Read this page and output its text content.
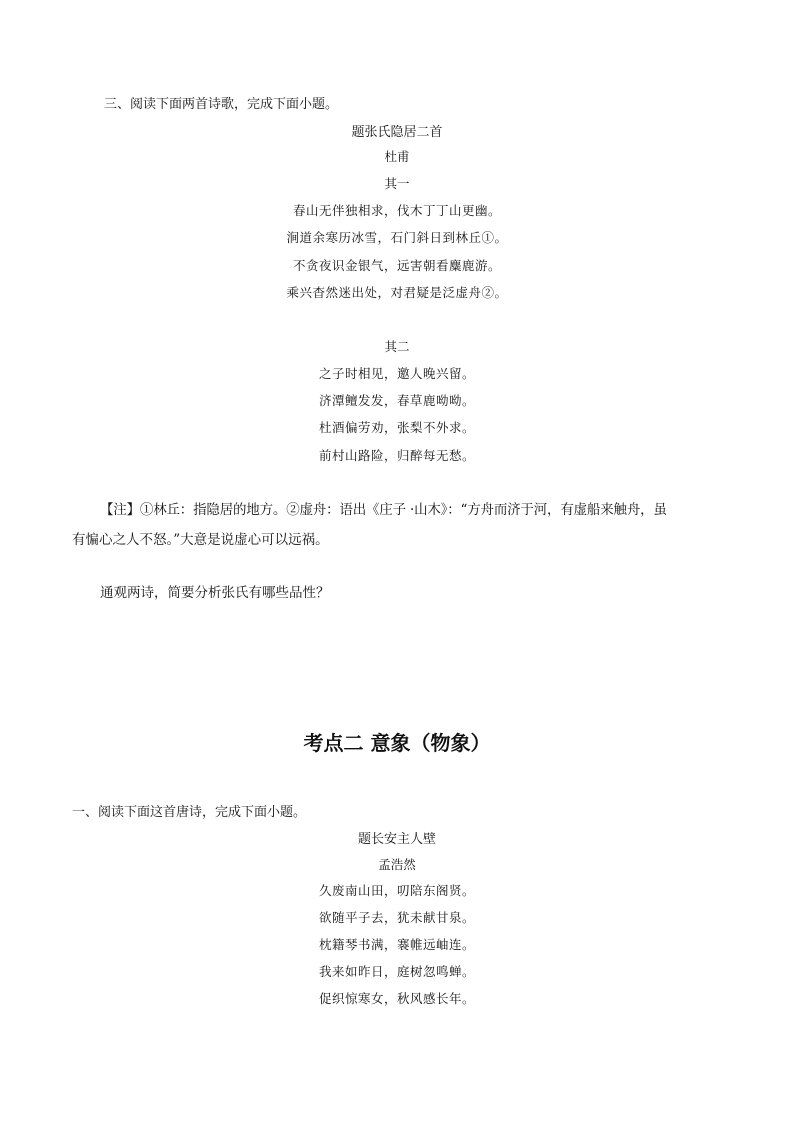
三、阅读下面两首诗歌，完成下面小题。
题张氏隐居二首
杜甫
其一
春山无伴独相求，伐木丁丁山更幽。
涧道余寒历冰雪，石门斜日到林丘①。
不贪夜识金银气，远害朝看麋鹿游。
乘兴杳然迷出处，对君疑是泛虚舟②。
其二
之子时相见，邀人晚兴留。
济潭鳣发发，春草鹿呦呦。
杜酒偏劳劝，张梨不外求。
前村山路险，归醉每无愁。
【注】①林丘：指隐居的地方。②虚舟：语出《庄子 ·山木》：“方舟而济于河，有虚船来触舟，虽
有惼心之人不怒。”大意是说虚心可以远祸。
通观两诗，简要分析张氏有哪些品性？
考点二 意象（物象）
一、阅读下面这首唐诗，完成下面小题。
题长安主人壁
孟浩然
久废南山田，叨陪东阁贤。
欲随平子去，犹未献甘泉。
枕籍琴书满，褰帷远岫连。
我来如昨日，庭树忽鸣蝉。
促织惊寒女，秋风感长年。
